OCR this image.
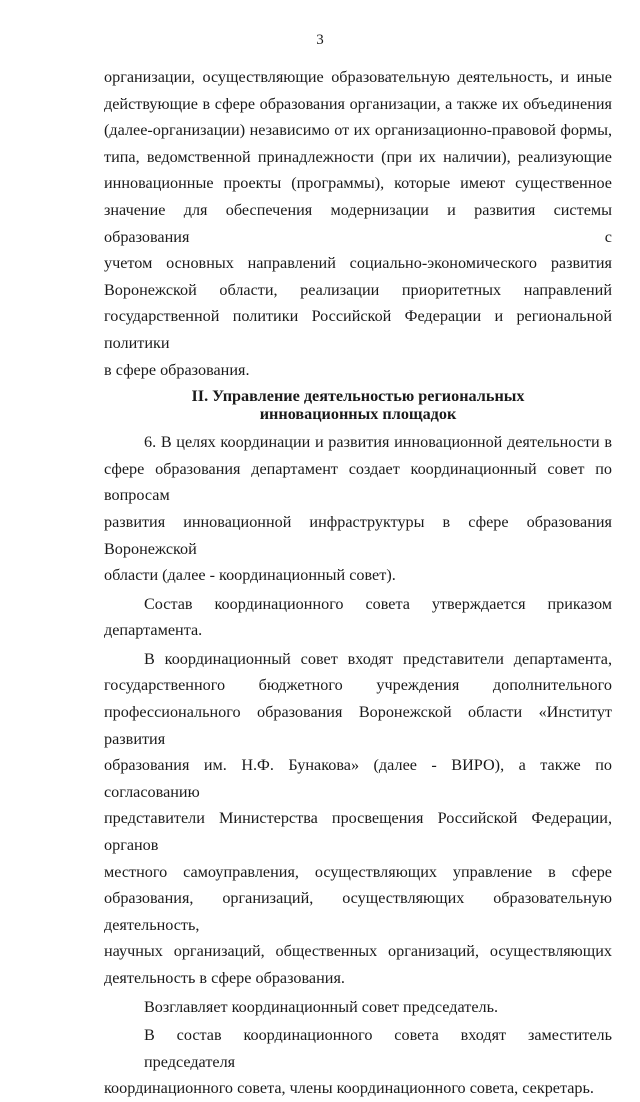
3

организации, осуществляющие образовательную деятельность, и иные
действующие в сфере образования организации, а также их объединения
(далее-организации) независимо от их организационно-правовой формы,
типа, ведомственной принадлежности (при их наличии), реализующие
инновационные проекты (программы), которые имеют существенное
значение для обеспечения модернизации и развития системы образования с
учетом основных направлений социально-экономического развития
Воронежской области, реализации приоритетных направлений
государственной политики Российской Федерации и региональной политики
в сфере образования.

II. Управление деятельностью региональных
инновационных площадок

6. В целях координации и развития инновационной деятельности в
сфере образования департамент создает координационный совет по вопросам
развития инновационной инфраструктуры в сфере образования Воронежской
области (далее - координационный совет).

Состав координационного совета утверждается приказом
департамента.

В координационный совет входят представители департамента,
государственного бюджетного учреждения дополнительного
профессионального образования Воронежской области «Институт развития
образования им. Н.Ф. Бунакова» (далее - ВИРО), а также по согласованию
представители Министерства просвещения Российской Федерации, органов
местного самоуправления, осуществляющих управление в сфере
образования, организаций, осуществляющих образовательную деятельность,
научных организаций, общественных организаций, осуществляющих
деятельность в сфере образования.

Возглавляет координационный совет председатель.

В состав координационного совета входят заместитель председателя
координационного совета, члены координационного совета, секретарь.
